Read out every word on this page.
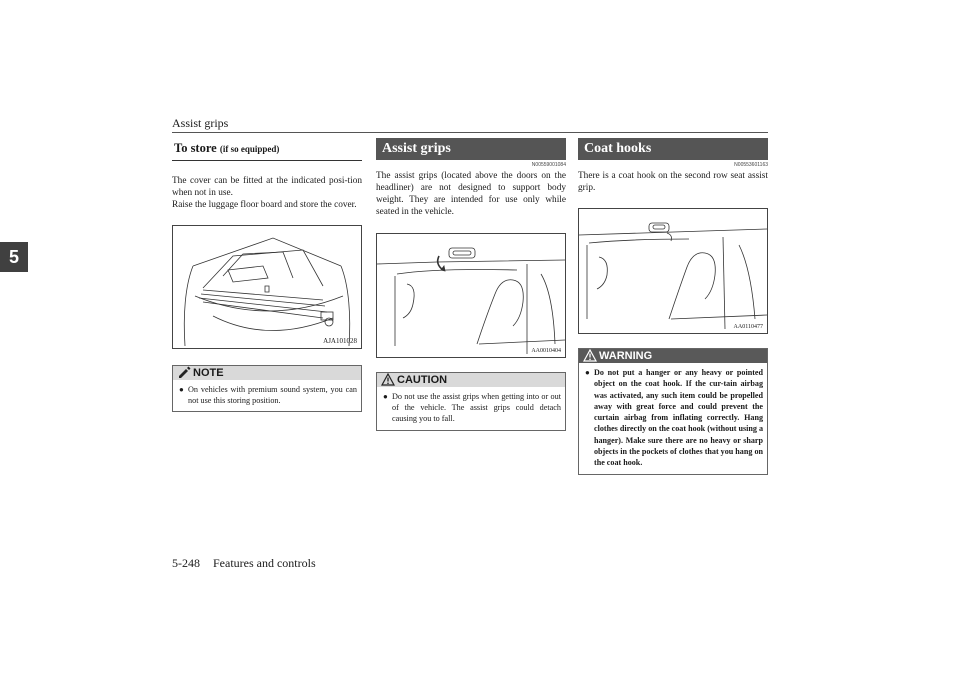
Assist grips
5
To store (if so equipped)

The cover can be fitted at the indicated posi-tion when not in use.
Raise the luggage floor board and store the cover.

AJA101028
NOTE
● On vehicles with premium sound system, you can not use this storing position.
Assist grips
N00559001084

The assist grips (located above the doors on the headliner) are not designed to support body weight. They are intended for use only while seated in the vehicle.

AA0010404
CAUTION
● Do not use the assist grips when getting into or out of the vehicle. The assist grips could detach causing you to fall.
Coat hooks
N00553601163

There is a coat hook on the second row seat assist grip.

AA0110477
WARNING
● Do not put a hanger or any heavy or pointed object on the coat hook. If the cur-tain airbag was activated, any such item could be propelled away with great force and could prevent the curtain airbag from inflating correctly. Hang clothes directly on the coat hook (without using a hanger). Make sure there are no heavy or sharp objects in the pockets of clothes that you hang on the coat hook.
5-248 Features and controls
